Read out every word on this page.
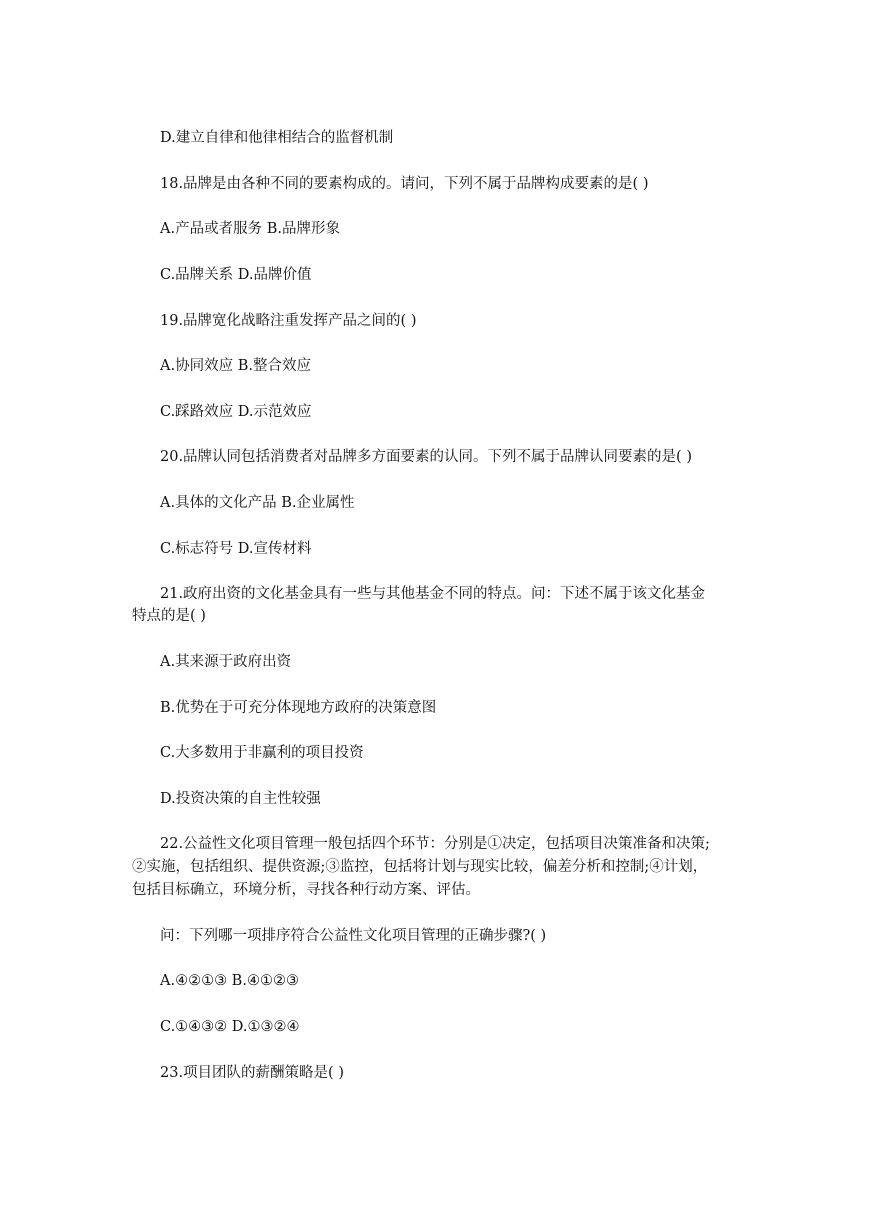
D.建立自律和他律相结合的监督机制
18.品牌是由各种不同的要素构成的。请问，下列不属于品牌构成要素的是( )
A.产品或者服务 B.品牌形象
C.品牌关系 D.品牌价值
19.品牌宽化战略注重发挥产品之间的( )
A.协同效应 B.整合效应
C.踩路效应 D.示范效应
20.品牌认同包括消费者对品牌多方面要素的认同。下列不属于品牌认同要素的是( )
A.具体的文化产品 B.企业属性
C.标志符号 D.宣传材料
21.政府出资的文化基金具有一些与其他基金不同的特点。问：下述不属于该文化基金
特点的是( )
A.其来源于政府出资
B.优势在于可充分体现地方政府的决策意图
C.大多数用于非赢利的项目投资
D.投资决策的自主性较强
22.公益性文化项目管理一般包括四个环节：分别是①决定，包括项目决策准备和决策;
②实施，包括组织、提供资源;③监控，包括将计划与现实比较，偏差分析和控制;④计划，
包括目标确立，环境分析，寻找各种行动方案、评估。
问：下列哪一项排序符合公益性文化项目管理的正确步骤?( )
A.④②①③ B.④①②③
C.①④③② D.①③②④
23.项目团队的薪酬策略是( )
